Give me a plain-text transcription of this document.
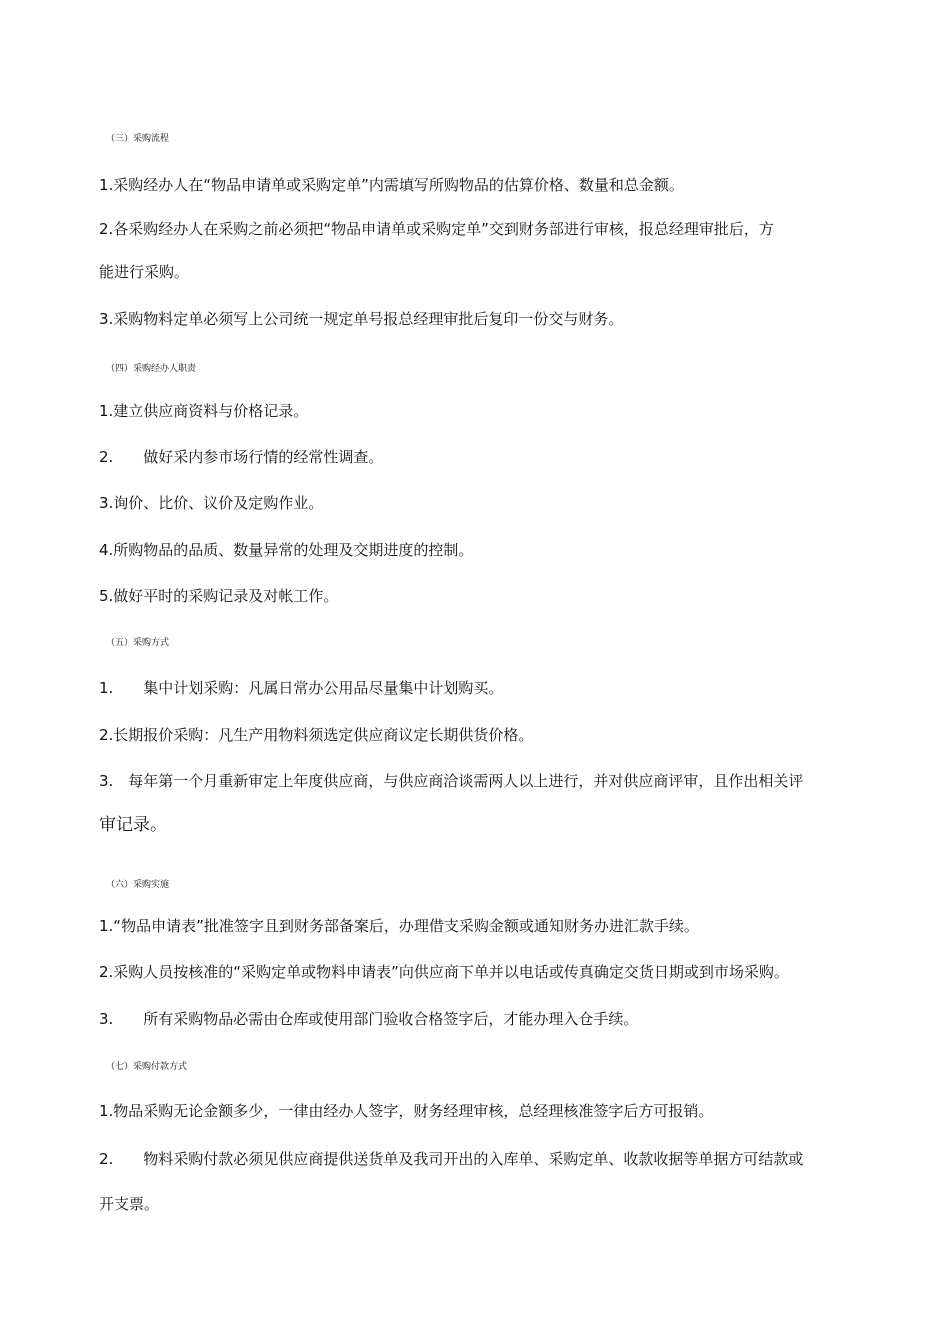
（三）采购流程
1.采购经办人在“物品申请单或采购定单”内需填写所购物品的估算价格、数量和总金额。
2.各采购经办人在采购之前必须把“物品申请单或采购定单”交到财务部进行审核，报总经理审批后，方
能进行采购。
3.采购物料定单必须写上公司统一规定单号报总经理审批后复印一份交与财务。
（四）采购经办人职责
1.建立供应商资料与价格记录。
2.　　做好采内参市场行情的经常性调查。
3.询价、比价、议价及定购作业。
4.所购物品的品质、数量异常的处理及交期进度的控制。
5.做好平时的采购记录及对帐工作。
（五）采购方式
1.　　集中计划采购：凡属日常办公用品尽量集中计划购买。
2.长期报价采购：凡生产用物料须选定供应商议定长期供货价格。
3.　每年第一个月重新审定上年度供应商，与供应商洽谈需两人以上进行，并对供应商评审，且作出相关评
审记录。
（六）采购实施
1.“物品申请表”批准签字且到财务部备案后，办理借支采购金额或通知财务办进汇款手续。
2.采购人员按核准的“采购定单或物料申请表”向供应商下单并以电话或传真确定交货日期或到市场采购。
3.　　所有采购物品必需由仓库或使用部门验收合格签字后，才能办理入仓手续。
（七）采购付款方式
1.物品采购无论金额多少，一律由经办人签字，财务经理审核，总经理核准签字后方可报销。
2.　　物料采购付款必须见供应商提供送货单及我司开出的入库单、采购定单、收款收据等单据方可结款或
开支票。
